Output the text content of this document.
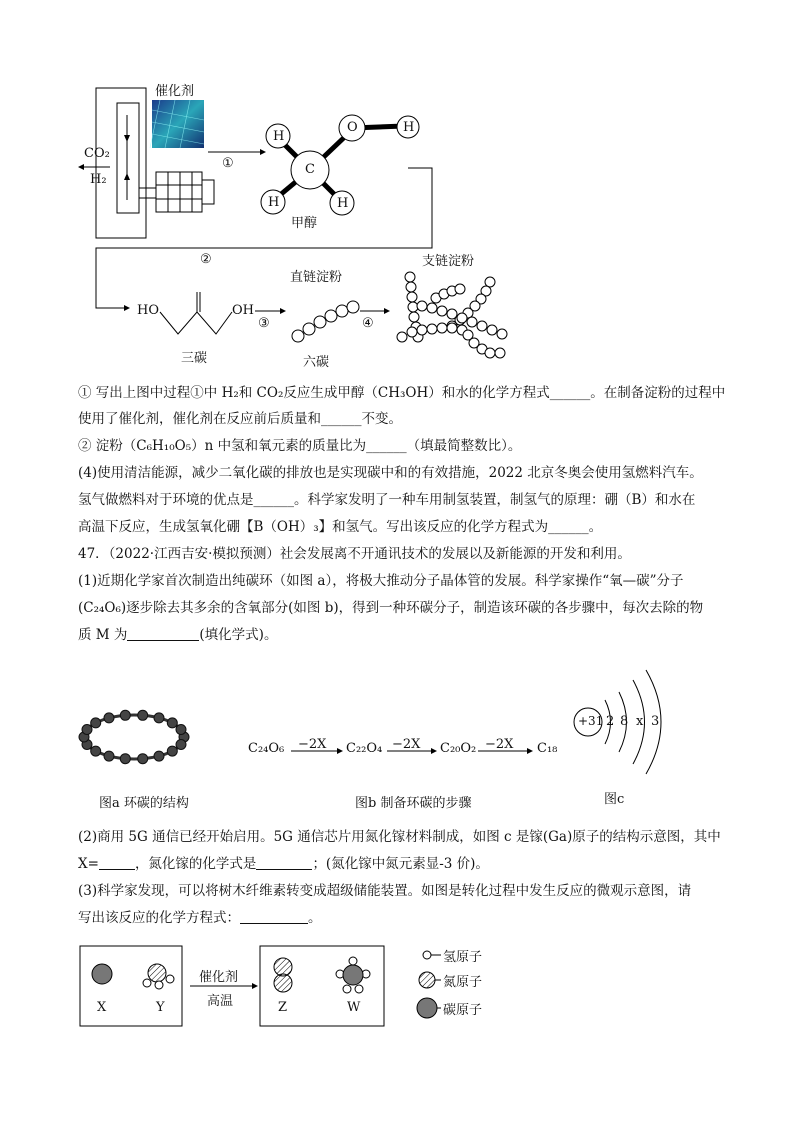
催化剂
CO₂
H₂
①
H
O	H
C
H	H
甲醇
②
直链淀粉
支链淀粉
HO	OH
③	④
三碳	六碳
① 写出上图中过程①中 H₂和 CO₂反应生成甲醇（CH₃OH）和水的化学方程式______。在制备淀粉的过程中
使用了催化剂，催化剂在反应前后质量和______不变。
② 淀粉（C₆H₁₀O₅）n 中氢和氧元素的质量比为______（填最简整数比）。
(4)使用清洁能源，减少二氧化碳的排放也是实现碳中和的有效措施，2022 北京冬奥会使用氢燃料汽车。
氢气做燃料对于环境的优点是______。科学家发明了一种车用制氢装置，制氢气的原理：硼（B）和水在
高温下反应，生成氢氧化硼【B（OH）₃】和氢气。写出该反应的化学方程式为______。
47．（2022·江西吉安·模拟预测）社会发展离不开通讯技术的发展以及新能源的开发和利用。
(1)近期化学家首次制造出纯碳环（如图 a），将极大推动分子晶体管的发展。科学家操作“氧—碳”分子
(C₂₄O₆)逐步除去其多余的含氧部分(如图 b)，得到一种环碳分子，制造该环碳的各步骤中，每次去除的物
质 M 为	(填化学式)。
+31 2 8 x 3
C₂₄O₆ −2X C₂₂O₄ −2X C₂₀O₂ −2X C₁₈
图a 环碳的结构	图b 制备环碳的步骤	图c
(2)商用 5G 通信已经开始启用。5G 通信芯片用氮化镓材料制成，如图 c 是镓(Ga)原子的结构示意图，其中
X=	，氮化镓的化学式是	；(氮化镓中氮元素显-3 价)。
(3)科学家发现，可以将树木纤维素转变成超级储能装置。如图是转化过程中发生反应的微观示意图，请
写出该反应的化学方程式：	。
催化剂
高温
X	Y	Z	W
氢原子
氮原子
碳原子
